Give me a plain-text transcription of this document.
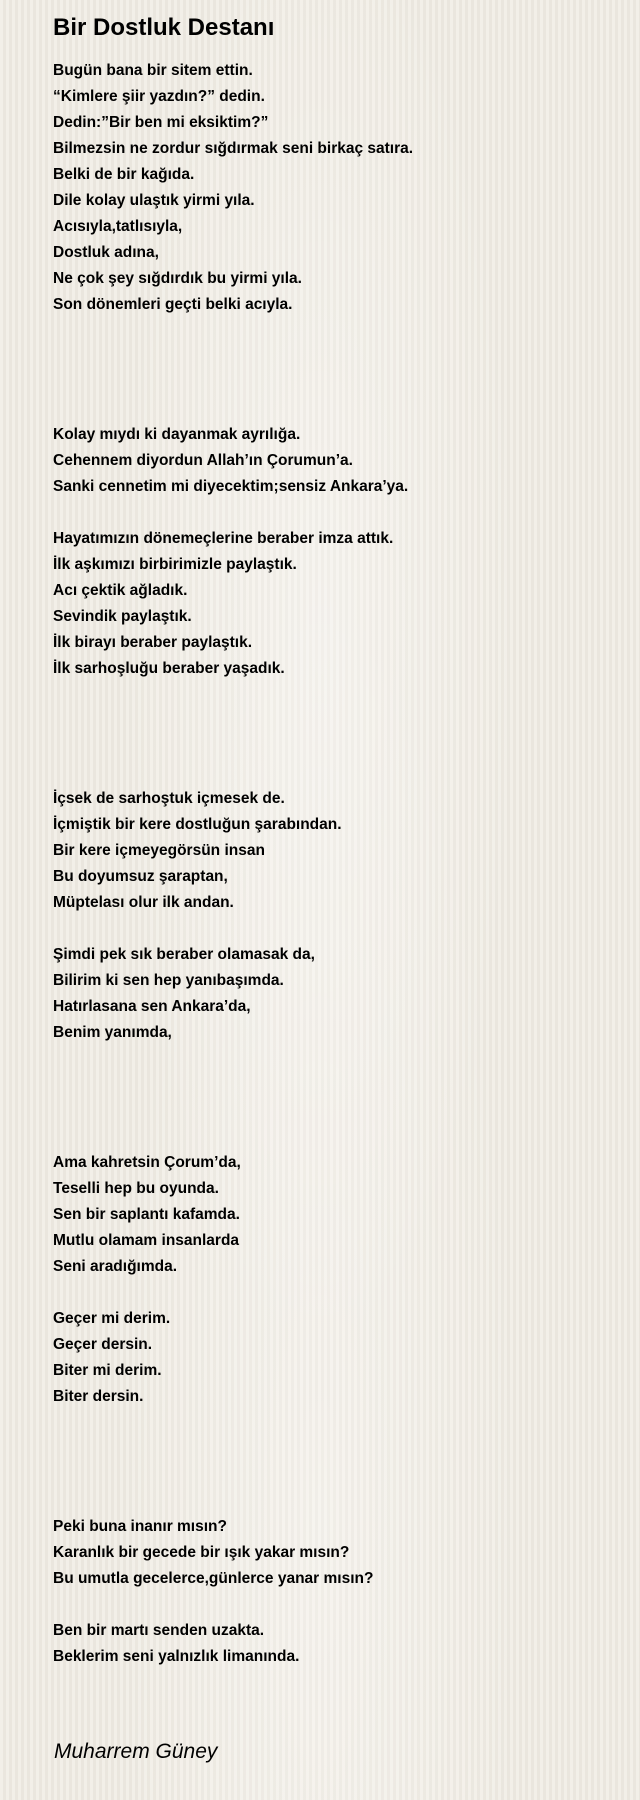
Bir Dostluk Destanı
Bugün bana bir sitem ettin.
“Kimlere şiir yazdın?” dedin.
Dedin:”Bir ben mi eksiktim?”
Bilmezsin ne zordur sığdırmak seni birkaç satıra.
Belki de bir kağıda.
Dile kolay ulaştık yirmi yıla.
Acısıyla,tatlısıyla,
Dostluk adına,
Ne çok şey sığdırdık bu yirmi yıla.
Son dönemleri geçti belki acıyla.
Kolay mıydı ki dayanmak ayrılığa.
Cehennem diyordun Allah’ın Çorumun’a.
Sanki cennetim mi diyecektim;sensiz Ankara’ya.
Hayatımızın dönemeçlerine beraber imza attık.
İlk aşkımızı birbirimizle paylaştık.
Acı çektik ağladık.
Sevindik paylaştık.
İlk birayı beraber paylaştık.
İlk sarhoşluğu beraber yaşadık.
İçsek de sarhoştuk içmesek de.
İçmiştik bir kere dostluğun şarabından.
Bir kere içmeyegörsün insan
Bu doyumsuz şaraptan,
Müptelası olur ilk andan.
Şimdi pek sık beraber olamasak da,
Bilirim ki sen hep yanıbaşımda.
Hatırlasana sen Ankara’da,
Benim yanımda,
Ama kahretsin Çorum’da,
Teselli hep bu oyunda.
Sen bir saplantı kafamda.
Mutlu olamam insanlarda
Seni aradığımda.
Geçer mi derim.
Geçer dersin.
Biter mi derim.
Biter dersin.
Peki buna inanır mısın?
Karanlık bir gecede bir ışık yakar mısın?
Bu umutla gecelerce,günlerce yanar mısın?
Ben bir martı senden uzakta.
Beklerim seni yalnızlık limanında.
Muharrem Güney
